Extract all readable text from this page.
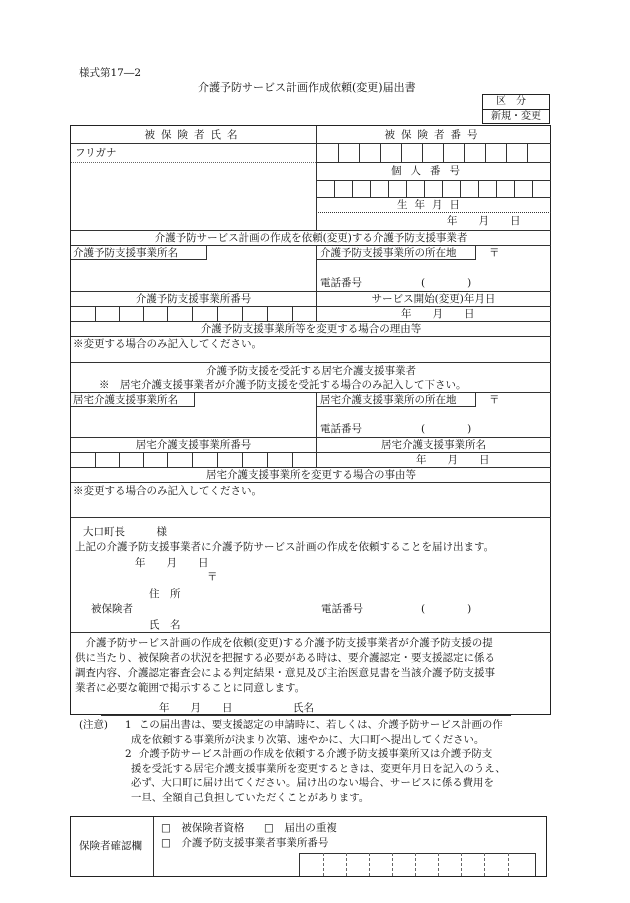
様式第17―2
介護予防サービス計画作成依頼(変更)届出書
区分
新規・変更
被保険者氏名	被保険者番号
フリガナ
個人番号
生年月日
年　　月　　日
介護予防サービス計画の作成を依頼(変更)する介護予防支援事業者
介護予防支援事業所名	介護予防支援事業所の所在地	〒
電話番号	(　　　　)
介護予防支援事業所番号	サービス開始(変更)年月日
年　　月　　日
介護予防支援事業所等を変更する場合の理由等
※変更する場合のみ記入してください。
介護予防支援を受託する居宅介護支援事業者
※　居宅介護支援事業者が介護予防支援を受託する場合のみ記入して下さい。
居宅介護支援事業所名	居宅介護支援事業所の所在地	〒
電話番号	(　　　　)
居宅介護支援事業所番号	居宅介護支援事業所名
年　　月　　日
居宅介護支援事業所を変更する場合の事由等
※変更する場合のみ記入してください。
大口町長　　　様
上記の介護予防支援事業者に介護予防サービス計画の作成を依頼することを届け出ます。
年　　月　　日
〒
住　所
被保険者
氏　名
電話番号	(　　　　)
　介護予防サービス計画の作成を依頼(変更)する介護予防支援事業者が介護予防支援の提
供に当たり、被保険者の状況を把握する必要がある時は、要介護認定・要支援認定に係る
調査内容、介護認定審査会による判定結果・意見及び主治医意見書を当該介護予防支援事
業者に必要な範囲で掲示することに同意します。
年　　月　　日	氏名
(注意) 1 この届出書は、要支援認定の申請時に、若しくは、介護予防サービス計画の作
成を依頼する事業所が決まり次第、速やかに、大口町へ提出してください。
2 介護予防サービス計画の作成を依頼する介護予防支援事業所又は介護予防支
援を受託する居宅介護支援事業所を変更するときは、変更年月日を記入のうえ、
必ず、大口町に届け出てください。届け出のない場合、サービスに係る費用を
一旦、全額自己負担していただくことがあります。
保険者確認欄
□　被保険者資格 □　届出の重複
□　介護予防支援事業者事業所番号
